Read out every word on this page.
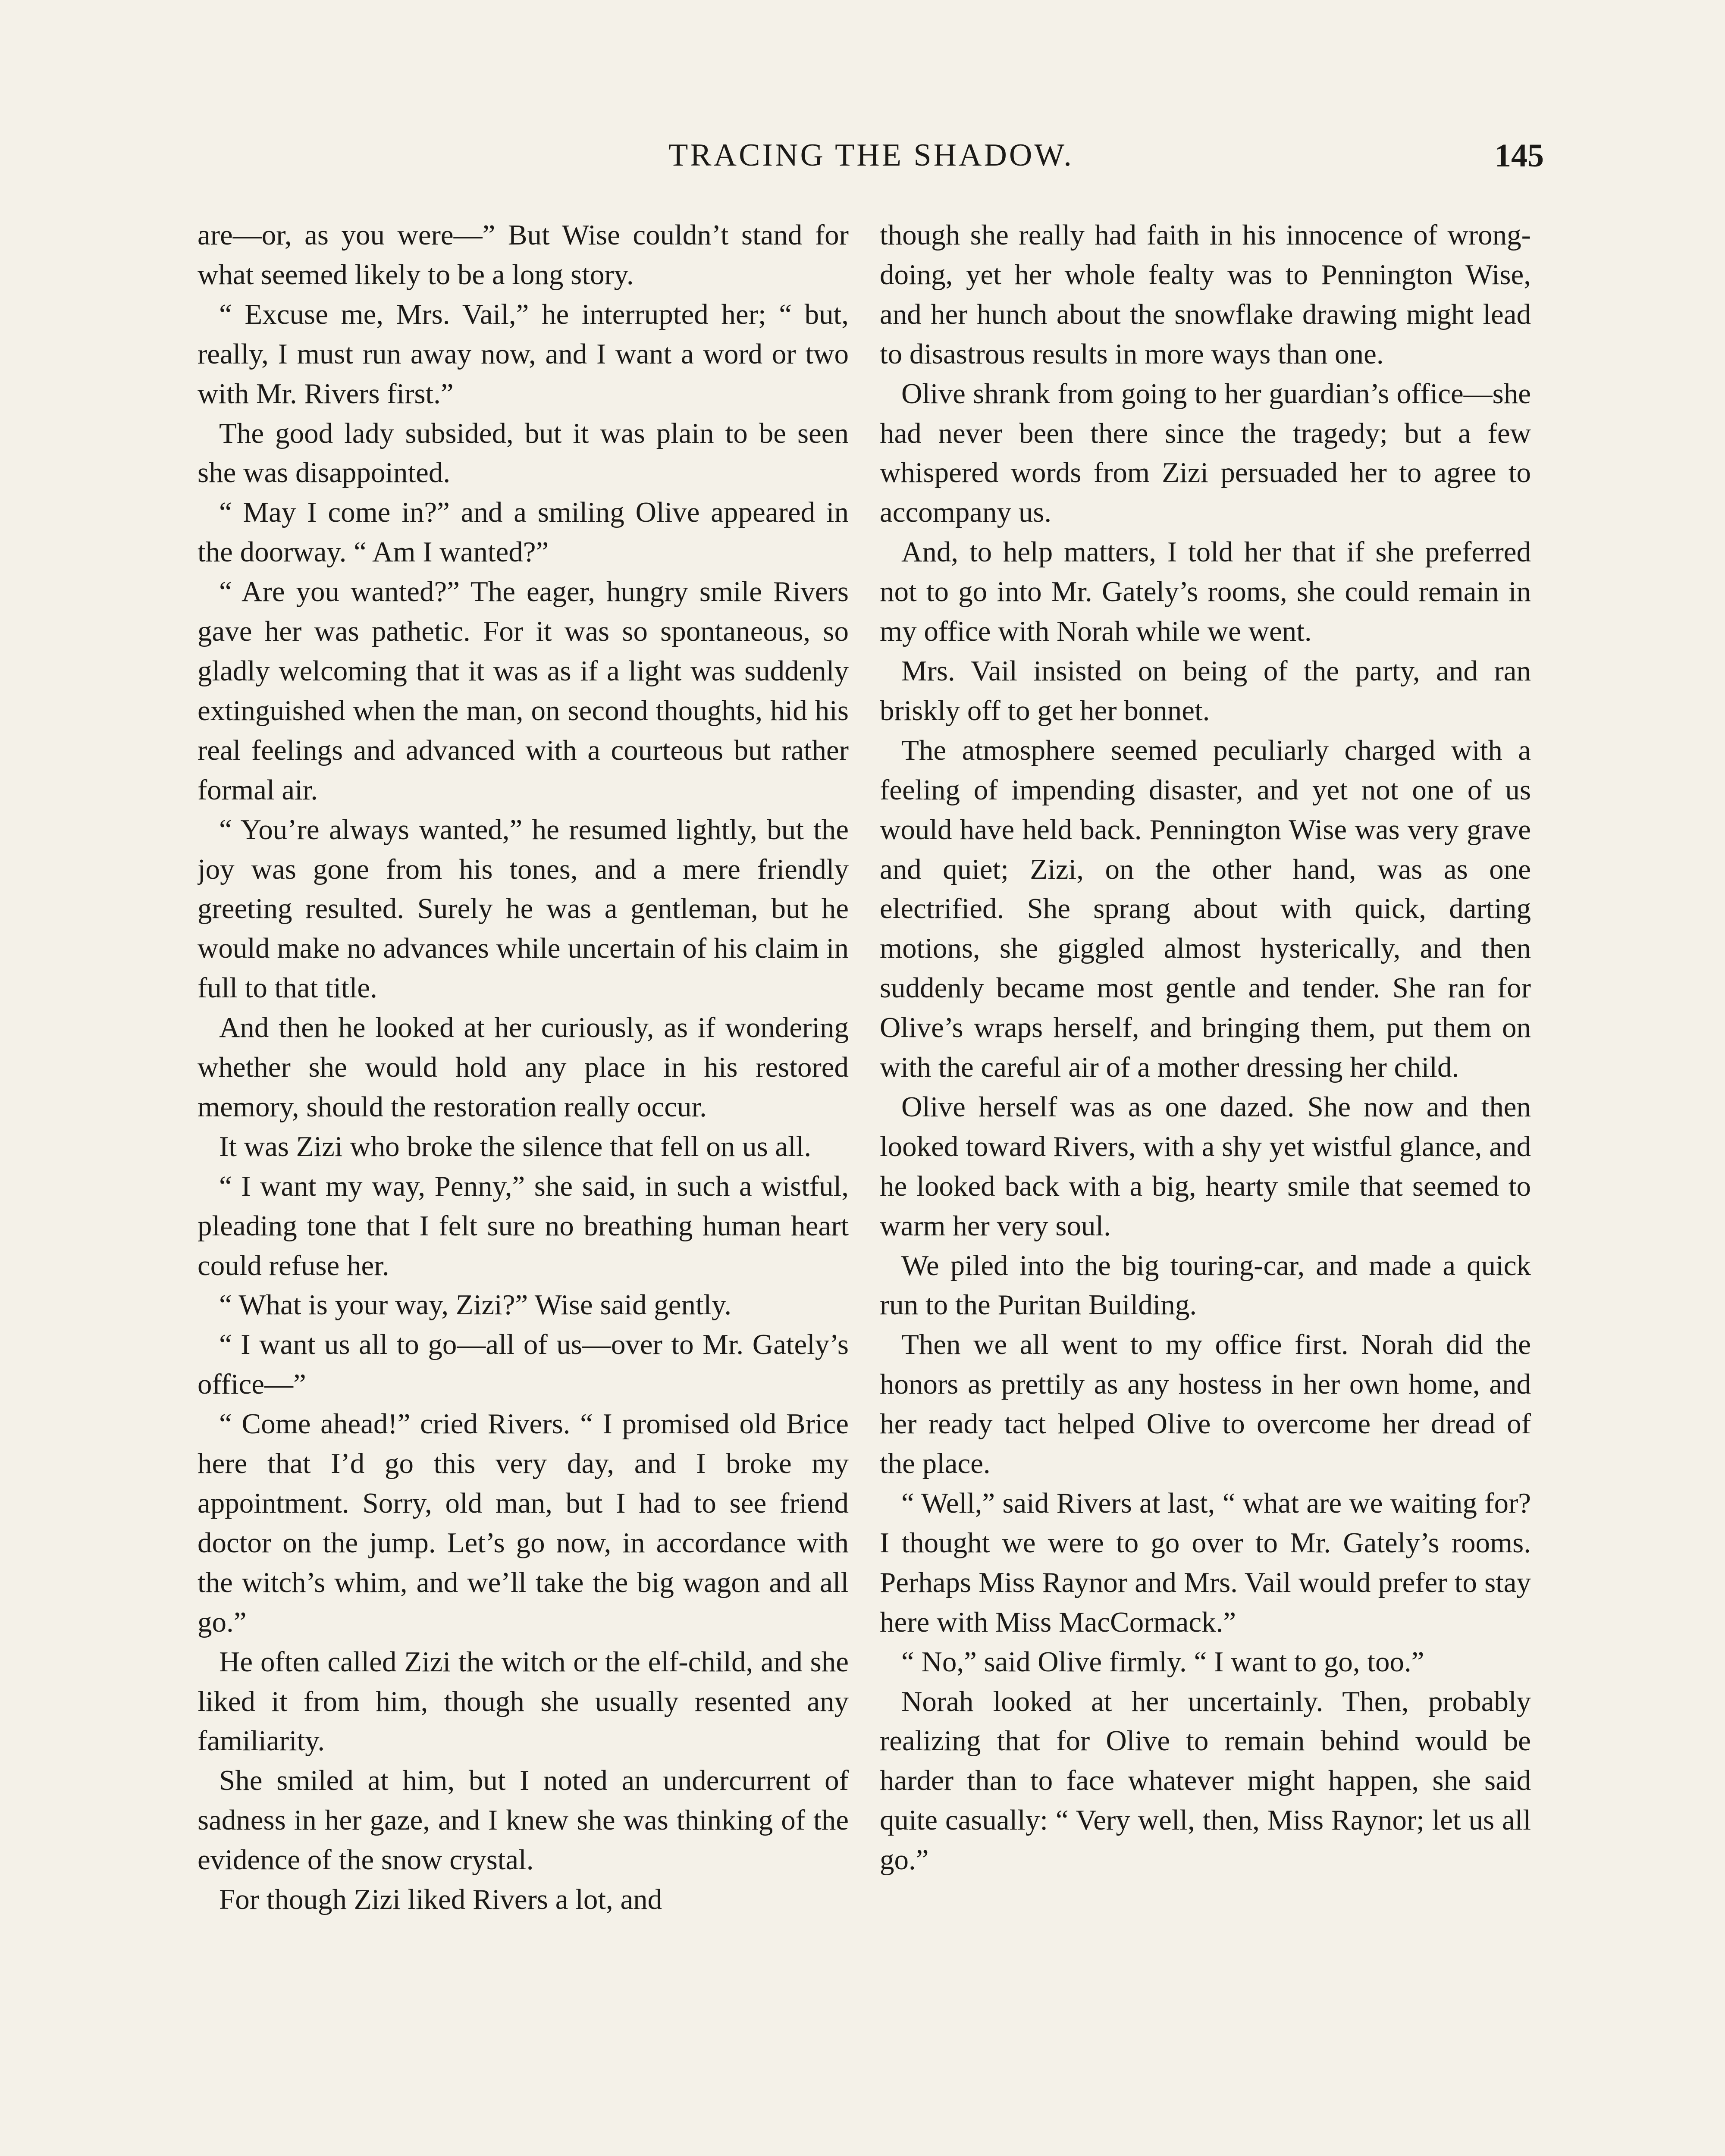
TRACING THE SHADOW.	145

are—or, as you were—” But Wise couldn’t stand for what seemed likely to be a long story.

“ Excuse me, Mrs. Vail,” he interrupted her; “ but, really, I must run away now, and I want a word or two with Mr. Rivers first.”

The good lady subsided, but it was plain to be seen she was disappointed.

“ May I come in?” and a smiling Olive appeared in the doorway. “ Am I wanted?”

“ Are you wanted?” The eager, hungry smile Rivers gave her was pathetic. For it was so spontaneous, so gladly welcoming that it was as if a light was suddenly extinguished when the man, on second thoughts, hid his real feelings and advanced with a courteous but rather formal air.

“ You’re always wanted,” he resumed lightly, but the joy was gone from his tones, and a mere friendly greeting resulted. Surely he was a gentleman, but he would make no advances while uncertain of his claim in full to that title.

And then he looked at her curiously, as if wondering whether she would hold any place in his restored memory, should the restoration really occur.

It was Zizi who broke the silence that fell on us all.

“ I want my way, Penny,” she said, in such a wistful, pleading tone that I felt sure no breathing human heart could refuse her.

“ What is your way, Zizi?” Wise said gently.

“ I want us all to go—all of us—over to Mr. Gately’s office—”

“ Come ahead!” cried Rivers. “ I promised old Brice here that I’d go this very day, and I broke my appointment. Sorry, old man, but I had to see friend doctor on the jump. Let’s go now, in accordance with the witch’s whim, and we’ll take the big wagon and all go.”

He often called Zizi the witch or the elf-child, and she liked it from him, though she usually resented any familiarity.

She smiled at him, but I noted an undercurrent of sadness in her gaze, and I knew she was thinking of the evidence of the snow crystal.

For though Zizi liked Rivers a lot, and

though she really had faith in his innocence of wrong-doing, yet her whole fealty was to Pennington Wise, and her hunch about the snowflake drawing might lead to disastrous results in more ways than one.

Olive shrank from going to her guardian’s office—she had never been there since the tragedy; but a few whispered words from Zizi persuaded her to agree to accompany us.

And, to help matters, I told her that if she preferred not to go into Mr. Gately’s rooms, she could remain in my office with Norah while we went.

Mrs. Vail insisted on being of the party, and ran briskly off to get her bonnet.

The atmosphere seemed peculiarly charged with a feeling of impending disaster, and yet not one of us would have held back. Pennington Wise was very grave and quiet; Zizi, on the other hand, was as one electrified. She sprang about with quick, darting motions, she giggled almost hysterically, and then suddenly became most gentle and tender. She ran for Olive’s wraps herself, and bringing them, put them on with the careful air of a mother dressing her child.

Olive herself was as one dazed. She now and then looked toward Rivers, with a shy yet wistful glance, and he looked back with a big, hearty smile that seemed to warm her very soul.

We piled into the big touring-car, and made a quick run to the Puritan Building.

Then we all went to my office first. Norah did the honors as prettily as any hostess in her own home, and her ready tact helped Olive to overcome her dread of the place.

“ Well,” said Rivers at last, “ what are we waiting for? I thought we were to go over to Mr. Gately’s rooms. Perhaps Miss Raynor and Mrs. Vail would prefer to stay here with Miss MacCormack.”

“ No,” said Olive firmly. “ I want to go, too.”

Norah looked at her uncertainly. Then, probably realizing that for Olive to remain behind would be harder than to face whatever might happen, she said quite casually: “ Very well, then, Miss Raynor; let us all go.”
